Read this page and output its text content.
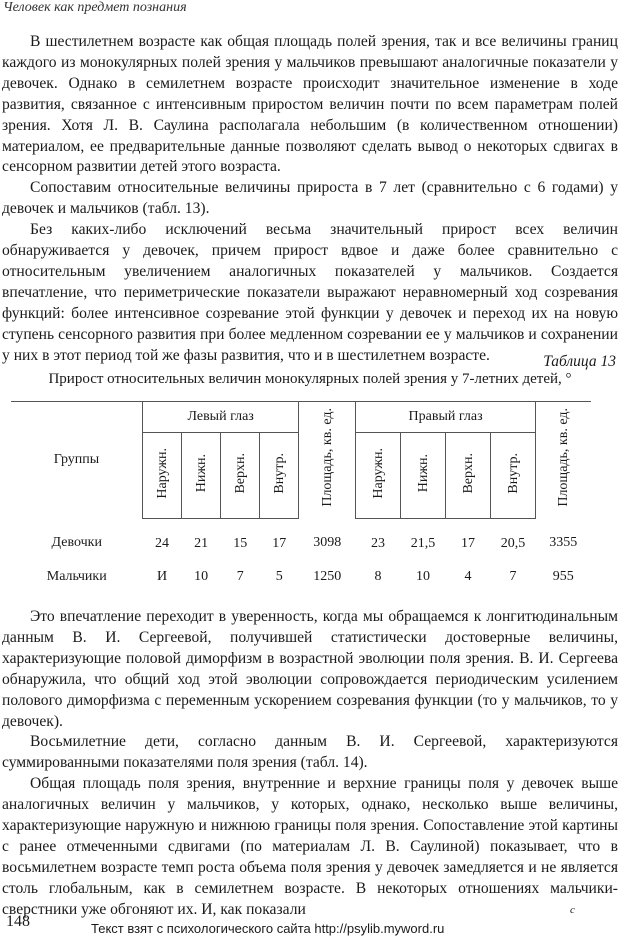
Человек как предмет познания

В шестилетнем возрасте как общая площадь полей зрения, так и все величины границ каждого из монокулярных полей зрения у мальчиков превышают аналогичные показатели у девочек. Однако в семилетнем возрасте происходит значительное изменение в ходе развития, связанное с интенсивным приростом величин почти по всем параметрам полей зрения. Хотя Л. В. Саулина располагала небольшим (в количественном отношении) материалом, ее предварительные данные позволяют сделать вывод о некоторых сдвигах в сенсорном развитии детей этого возраста.

Сопоставим относительные величины прироста в 7 лет (сравнительно с 6 годами) у девочек и мальчиков (табл. 13).

Без каких-либо исключений весьма значительный прирост всех величин обнаруживается у девочек, причем прирост вдвое и даже более сравнительно с относительным увеличением аналогичных показателей у мальчиков. Создается впечатление, что периметрические показатели выражают неравномерный ход созревания функций: более интенсивное созревание этой функции у девочек и переход их на новую ступень сенсорного развития при более медленном созревании ее у мальчиков и сохранении у них в этот период той же фазы развития, что и в шестилетнем возрасте.	Таблица 13
Прирост относительных величин монокулярных полей зрения у 7-летних детей, °
Группы	Левый глаз				Площадь, кв. ед.	Правый глаз				Площадь, кв. ед.
	Наружн.	Нижн.	Верхн.	Внутр.		Наружн.	Нижн.	Верхн.	Внутр.	
Девочки	24	21	15	17	3098	23	21,5	17	20,5	3355
Мальчики	И	10	7	5	1250	8	10	4	7	955

Это впечатление переходит в уверенность, когда мы обращаемся к лонгитюдинальным данным В. И. Сергеевой, получившей статистически достоверные величины, характеризующие половой диморфизм в возрастной эволюции поля зрения. В. И. Сергеева обнаружила, что общий ход этой эволюции сопровождается периодическим усилением полового диморфизма с переменным ускорением созревания функции (то у мальчиков, то у девочек).

Восьмилетние дети, согласно данным В. И. Сергеевой, характеризуются суммированными показателями поля зрения (табл. 14).

Общая площадь поля зрения, внутренние и верхние границы поля у девочек выше аналогичных величин у мальчиков, у которых, однако, несколько выше величины, характеризующие наружную и нижнюю границы поля зрения. Сопоставление этой картины с ранее отмеченными сдвигами (по материалам Л. В. Саулиной) показывает, что в восьмилетнем возрасте темп роста объема поля зрения у девочек замедляется и не является столь глобальным, как в семилетнем возрасте. В некоторых отношениях мальчики-сверстники уже обгоняют их. И, как показали	с
148	Текст взят с психологического сайта http://psylib.myword.ru
